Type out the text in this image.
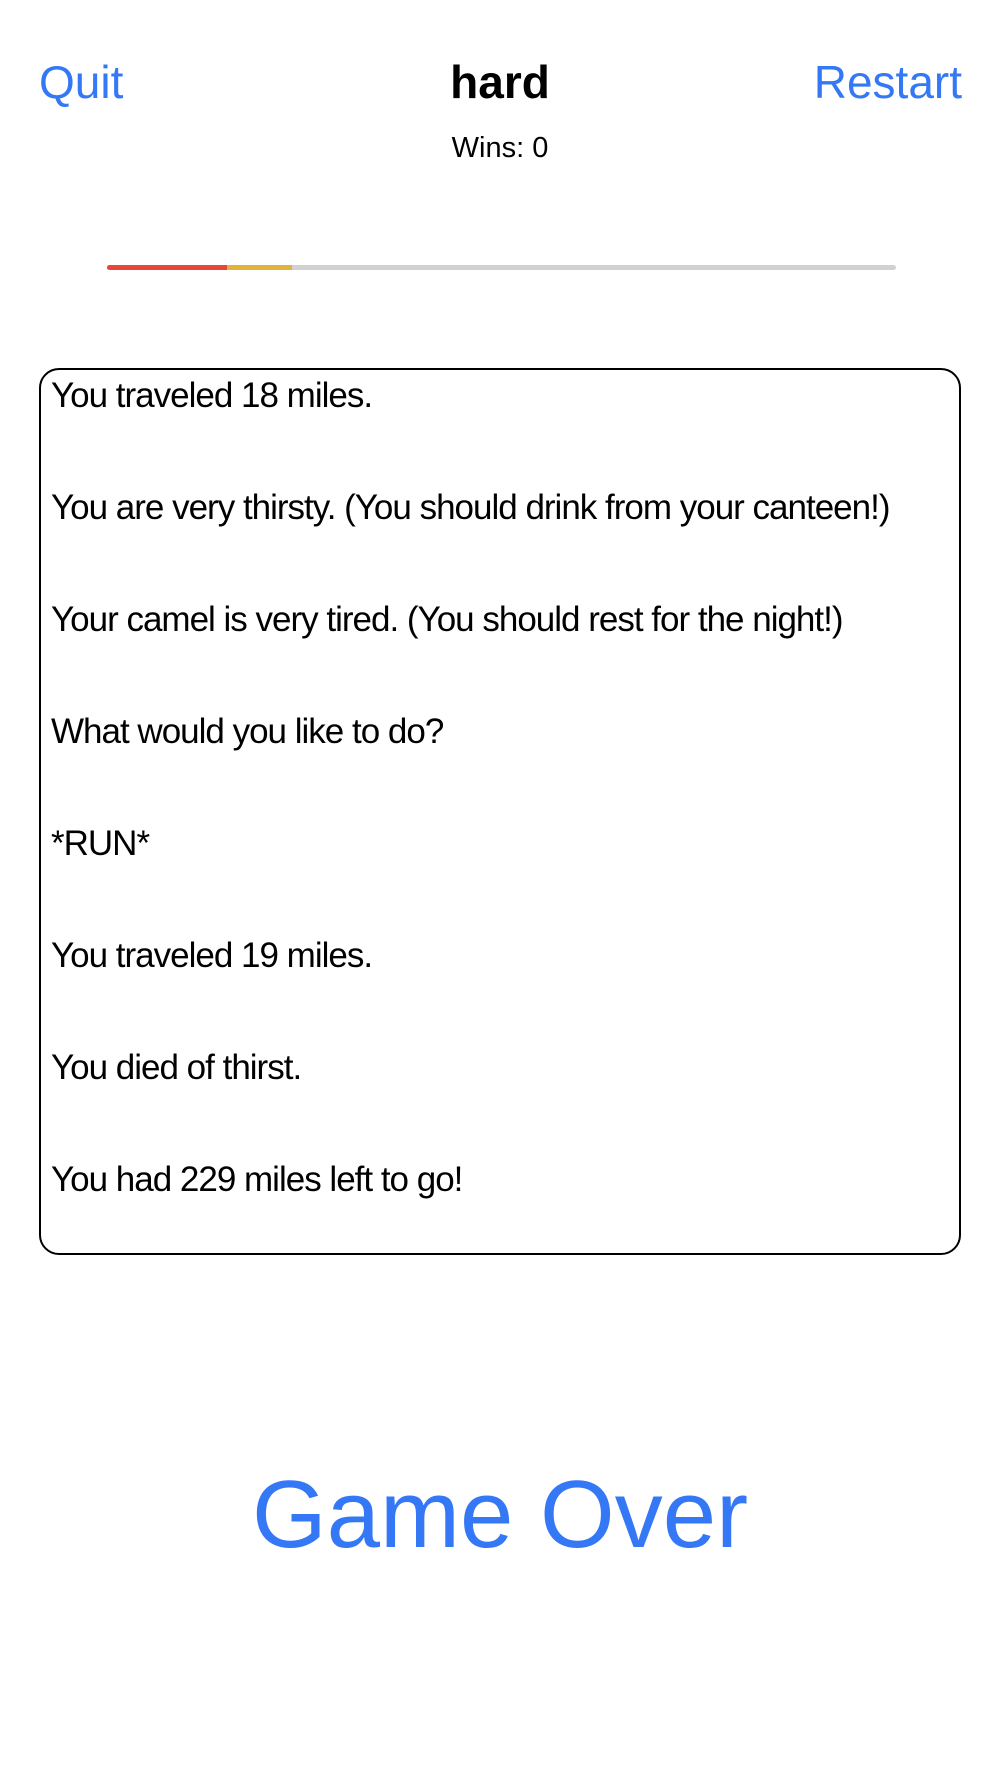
Quit	hard	Restart
Wins: 0
You traveled 18 miles.
You are very thirsty. (You should drink from your canteen!)
Your camel is very tired. (You should rest for the night!)
What would you like to do?
*RUN*
You traveled 19 miles.
You died of thirst.
You had 229 miles left to go!
Game Over
